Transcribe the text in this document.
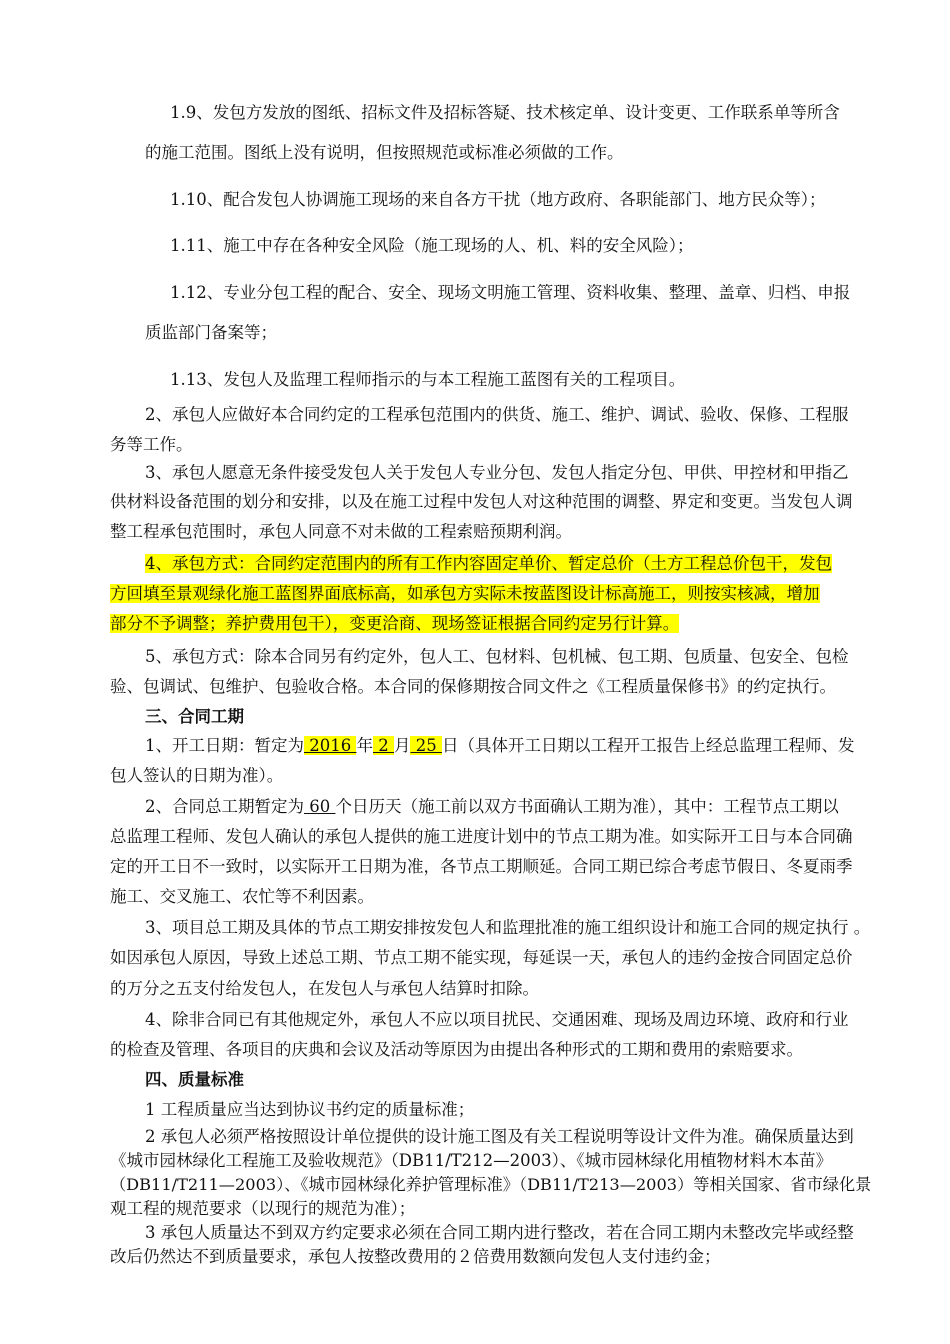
1.9、发包方发放的图纸、招标文件及招标答疑、技术核定单、设计变更、工作联系单等所含

的施工范围。图纸上没有说明，但按照规范或标准必须做的工作。

1.10、配合发包人协调施工现场的来自各方干扰（地方政府、各职能部门、地方民众等）；

1.11、施工中存在各种安全风险（施工现场的人、机、料的安全风险）；

1.12、专业分包工程的配合、安全、现场文明施工管理、资料收集、整理、盖章、归档、申报

质监部门备案等；

1.13、发包人及监理工程师指示的与本工程施工蓝图有关的工程项目。

2、承包人应做好本合同约定的工程承包范围内的供货、施工、维护、调试、验收、保修、工程服

务等工作。

3、承包人愿意无条件接受发包人关于发包人专业分包、发包人指定分包、甲供、甲控材和甲指乙

供材料设备范围的划分和安排，以及在施工过程中发包人对这种范围的调整、界定和变更。当发包人调

整工程承包范围时，承包人同意不对未做的工程索赔预期利润。

4、承包方式：合同约定范围内的所有工作内容固定单价、暂定总价（土方工程总价包干，发包

方回填至景观绿化施工蓝图界面底标高，如承包方实际未按蓝图设计标高施工，则按实核减，增加

部分不予调整；养护费用包干），变更洽商、现场签证根据合同约定另行计算。

5、承包方式：除本合同另有约定外，包人工、包材料、包机械、包工期、包质量、包安全、包检

验、包调试、包维护、包验收合格。本合同的保修期按合同文件之《工程质量保修书》的约定执行。

三、合同工期

1、开工日期：暂定为 2016 年 2 月 25 日（具体开工日期以工程开工报告上经总监理工程师、发

包人签认的日期为准）。

2、合同总工期暂定为 60 个日历天（施工前以双方书面确认工期为准），其中：工程节点工期以

总监理工程师、发包人确认的承包人提供的施工进度计划中的节点工期为准。如实际开工日与本合同确

定的开工日不一致时，以实际开工日期为准，各节点工期顺延。合同工期已综合考虑节假日、冬夏雨季

施工、交叉施工、农忙等不利因素。

3、项目总工期及具体的节点工期安排按发包人和监理批准的施工组织设计和施工合同的规定执行 。

如因承包人原因，导致上述总工期、节点工期不能实现，每延误一天，承包人的违约金按合同固定总价

的万分之五支付给发包人，在发包人与承包人结算时扣除。

4、除非合同已有其他规定外，承包人不应以项目扰民、交通困难、现场及周边环境、政府和行业

的检查及管理、各项目的庆典和会议及活动等原因为由提出各种形式的工期和费用的索赔要求。

四、质量标准

1 工程质量应当达到协议书约定的质量标准；

2 承包人必须严格按照设计单位提供的设计施工图及有关工程说明等设计文件为准。确保质量达到

《城市园林绿化工程施工及验收规范》（DB11/T212—2003）、《城市园林绿化用植物材料木本苗》

（DB11/T211—2003）、《城市园林绿化养护管理标准》（DB11/T213—2003）等相关国家、省市绿化景

观工程的规范要求（以现行的规范为准）；

3 承包人质量达不到双方约定要求必须在合同工期内进行整改，若在合同工期内未整改完毕或经整

改后仍然达不到质量要求，承包人按整改费用的２倍费用数额向发包人支付违约金；
